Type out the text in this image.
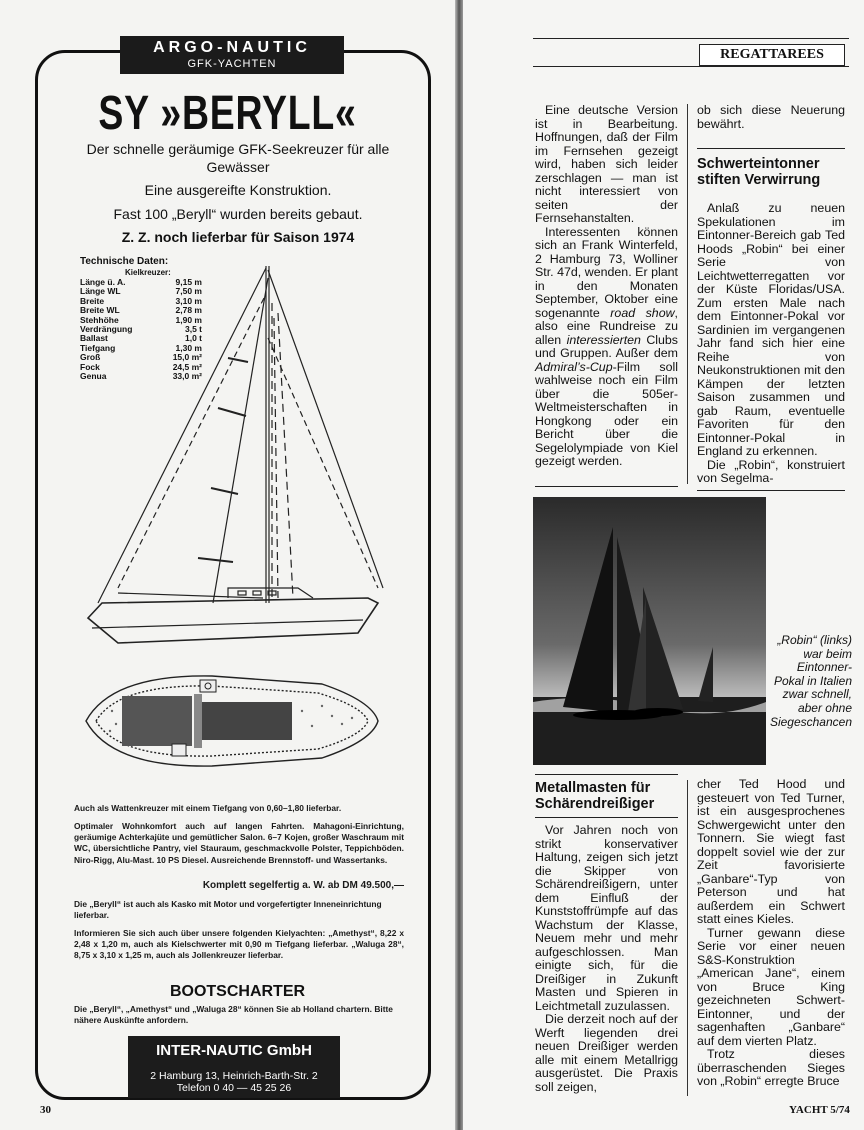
ARGO-NAUTIC
GFK-YACHTEN
SY »BERYLL«
Der schnelle geräumige GFK-Seekreuzer für alle Gewässer
Eine ausgereifte Konstruktion.
Fast 100 „Beryll“ wurden bereits gebaut.
Z. Z. noch lieferbar für Saison 1974
Technische Daten:
Kielkreuzer:
Länge ü. A.	9,15 m
Länge WL	7,50 m
Breite	3,10 m
Breite WL	2,78 m
Stehhöhe	1,90 m
Verdrängung	3,5 t
Ballast	1,0 t
Tiefgang	1,30 m
Groß	15,0 m²
Fock	24,5 m²
Genua	33,0 m²
Auch als Wattenkreuzer mit einem Tiefgang von 0,60–1,80 lieferbar.
Optimaler Wohnkomfort auch auf langen Fahrten. Mahagoni-Einrichtung, geräumige Achterkajüte und gemütlicher Salon. 6–7 Kojen, großer Waschraum mit WC, übersichtliche Pantry, viel Stauraum, geschmackvolle Polster, Teppichböden. Niro-Rigg, Alu-Mast. 10 PS Diesel. Ausreichende Brennstoff- und Wassertanks.
Komplett segelfertig a. W. ab DM 49.500,—
Die „Beryll“ ist auch als Kasko mit Motor und vorgefertigter Inneneinrichtung lieferbar.
Informieren Sie sich auch über unsere folgenden Kielyachten: „Amethyst“, 8,22 x 2,48 x 1,20 m, auch als Kielschwerter mit 0,90 m Tiefgang lieferbar. „Waluga 28“, 8,75 x 3,10 x 1,25 m, auch als Jollenkreuzer lieferbar.
BOOTSCHARTER
Die „Beryll“, „Amethyst“ und „Waluga 28“ können Sie ab Holland chartern. Bitte nähere Auskünfte anfordern.
INTER-NAUTIC GmbH
2 Hamburg 13, Heinrich-Barth-Str. 2
Telefon 0 40 — 45 25 26
30
REGATTAREES

Eine deutsche Version ist in Bearbeitung. Hoffnungen, daß der Film im Fernsehen gezeigt wird, haben sich leider zerschlagen — man ist nicht interessiert von seiten der Fernsehanstalten.

Interessenten können sich an Frank Winterfeld, 2 Hamburg 73, Wolliner Str. 47d, wenden. Er plant in den Monaten September, Oktober eine sogenannte road show, also eine Rundreise zu allen interessierten Clubs und Gruppen. Außer dem Admiral’s-Cup-Film soll wahlweise noch ein Film über die 505er-Weltmeisterschaften in Hongkong oder ein Bericht über die Segelolympiade von Kiel gezeigt werden.

ob sich diese Neuerung bewährt.

Schwerteintonner stiften Verwirrung

Anlaß zu neuen Spekulationen im Eintonner-Bereich gab Ted Hoods „Robin“ bei einer Serie von Leichtwetterregatten vor der Küste Floridas/USA. Zum ersten Male nach dem Eintonner-Pokal vor Sardinien im vergangenen Jahr fand sich hier eine Reihe von Neukonstruktionen mit den Kämpen der letzten Saison zusammen und gab Raum, eventuelle Favoriten für den Eintonner-Pokal in England zu erkennen.

Die „Robin“, konstruiert von Segelma-

„Robin“ (links) war beim Eintonner-Pokal in Italien zwar schnell, aber ohne Siegeschancen
Metallmasten für Schärendreißiger

Vor Jahren noch von strikt konservativer Haltung, zeigen sich jetzt die Skipper von Schärendreißigern, unter dem Einfluß der Kunststoffrümpfe auf das Wachstum der Klasse, Neuem mehr und mehr aufgeschlossen. Man einigte sich, für die Dreißiger in Zukunft Masten und Spieren in Leichtmetall zuzulassen.

Die derzeit noch auf der Werft liegenden drei neuen Dreißiger werden alle mit einem Metallrigg ausgerüstet. Die Praxis soll zeigen,

cher Ted Hood und gesteuert von Ted Turner, ist ein ausgesprochenes Schwergewicht unter den Tonnern. Sie wiegt fast doppelt soviel wie der zur Zeit favorisierte „Ganbare“-Typ von Peterson und hat außerdem ein Schwert statt eines Kieles.

Turner gewann diese Serie vor einer neuen S&S-Konstruktion „American Jane“, einem von Bruce King gezeichneten Schwert-Eintonner, und der sagenhaften „Ganbare“ auf dem vierten Platz.

Trotz dieses überraschenden Sieges von „Robin“ erregte Bruce

YACHT 5/74
